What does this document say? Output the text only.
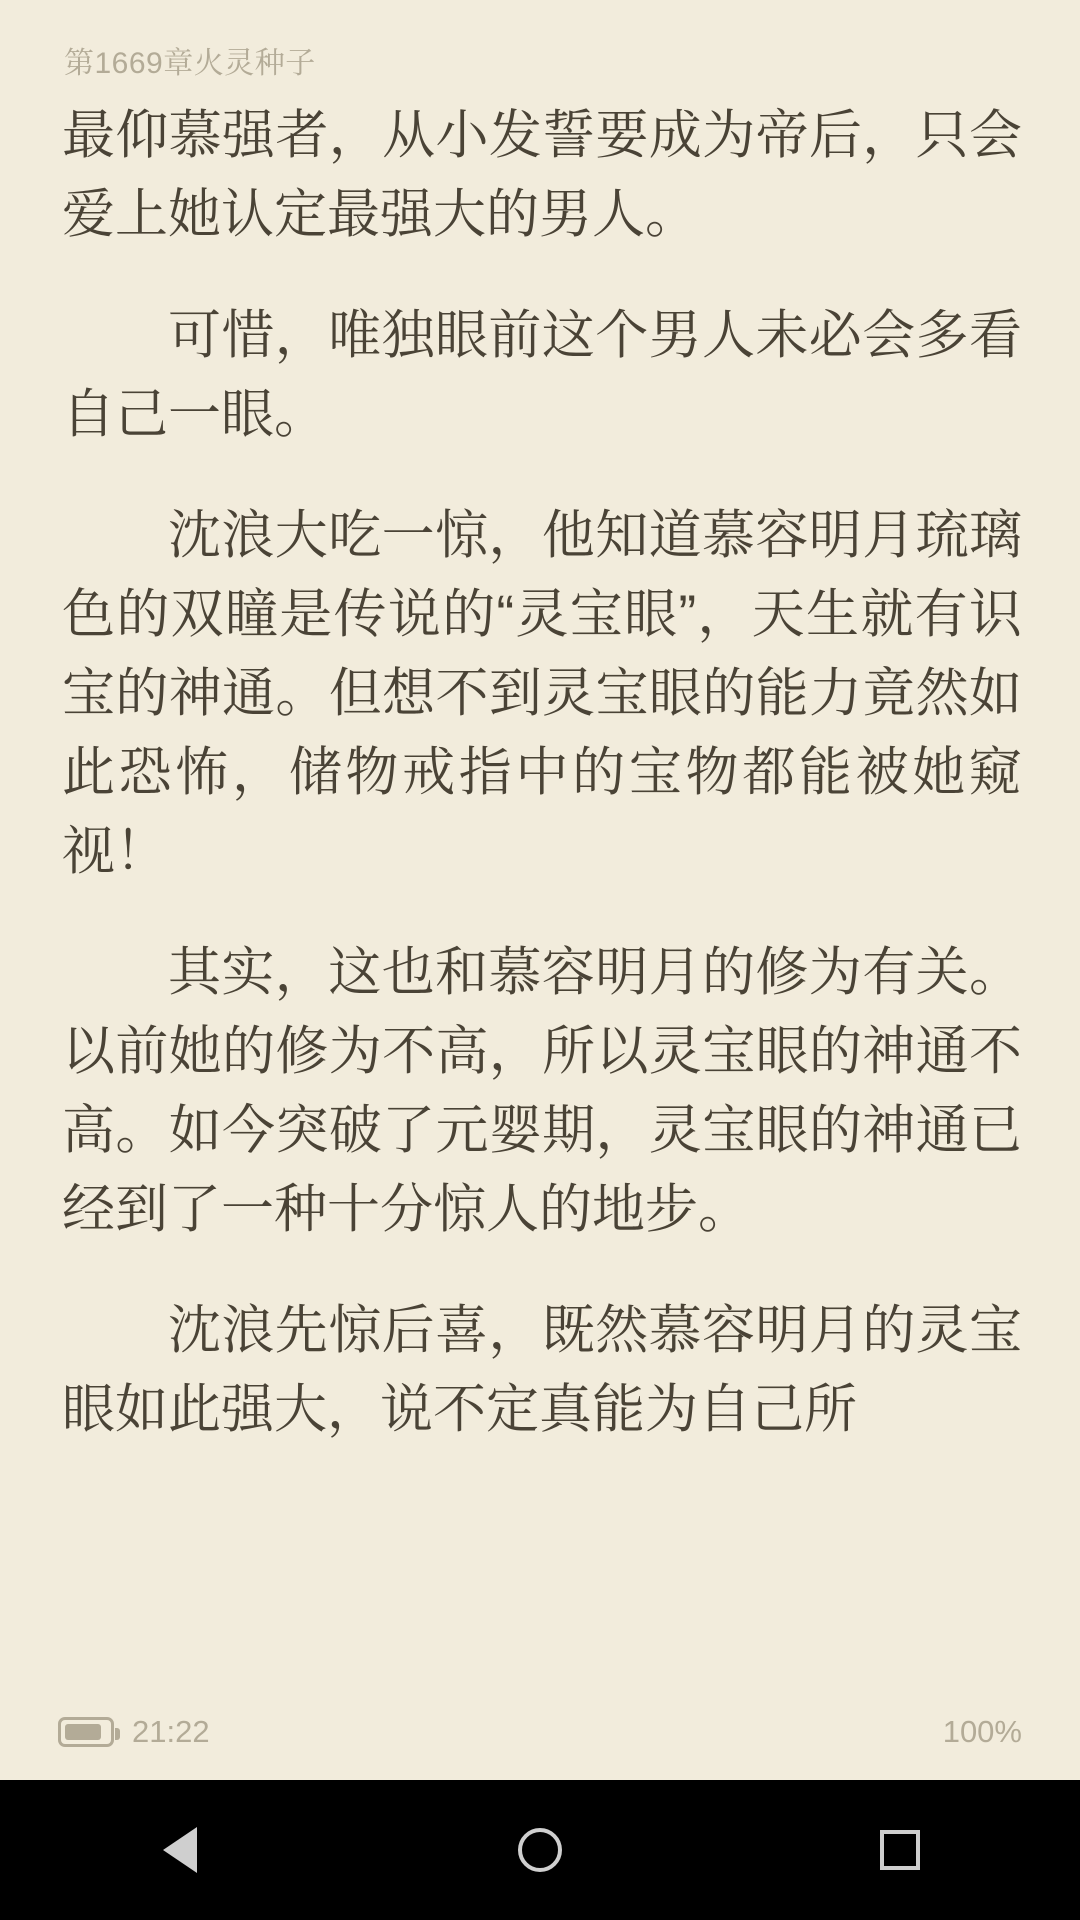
第1669章火灵种子

最仰慕强者，从小发誓要成为帝后，只会爱上她认定最强大的男人。

可惜，唯独眼前这个男人未必会多看自己一眼。

沈浪大吃一惊，他知道慕容明月琉璃色的双瞳是传说的“灵宝眼”，天生就有识宝的神通。但想不到灵宝眼的能力竟然如此恐怖，储物戒指中的宝物都能被她窥视！

其实，这也和慕容明月的修为有关。以前她的修为不高，所以灵宝眼的神通不高。如今突破了元婴期，灵宝眼的神通已经到了一种十分惊人的地步。

沈浪先惊后喜，既然慕容明月的灵宝眼如此强大，说不定真能为自己所

21:22	100%
